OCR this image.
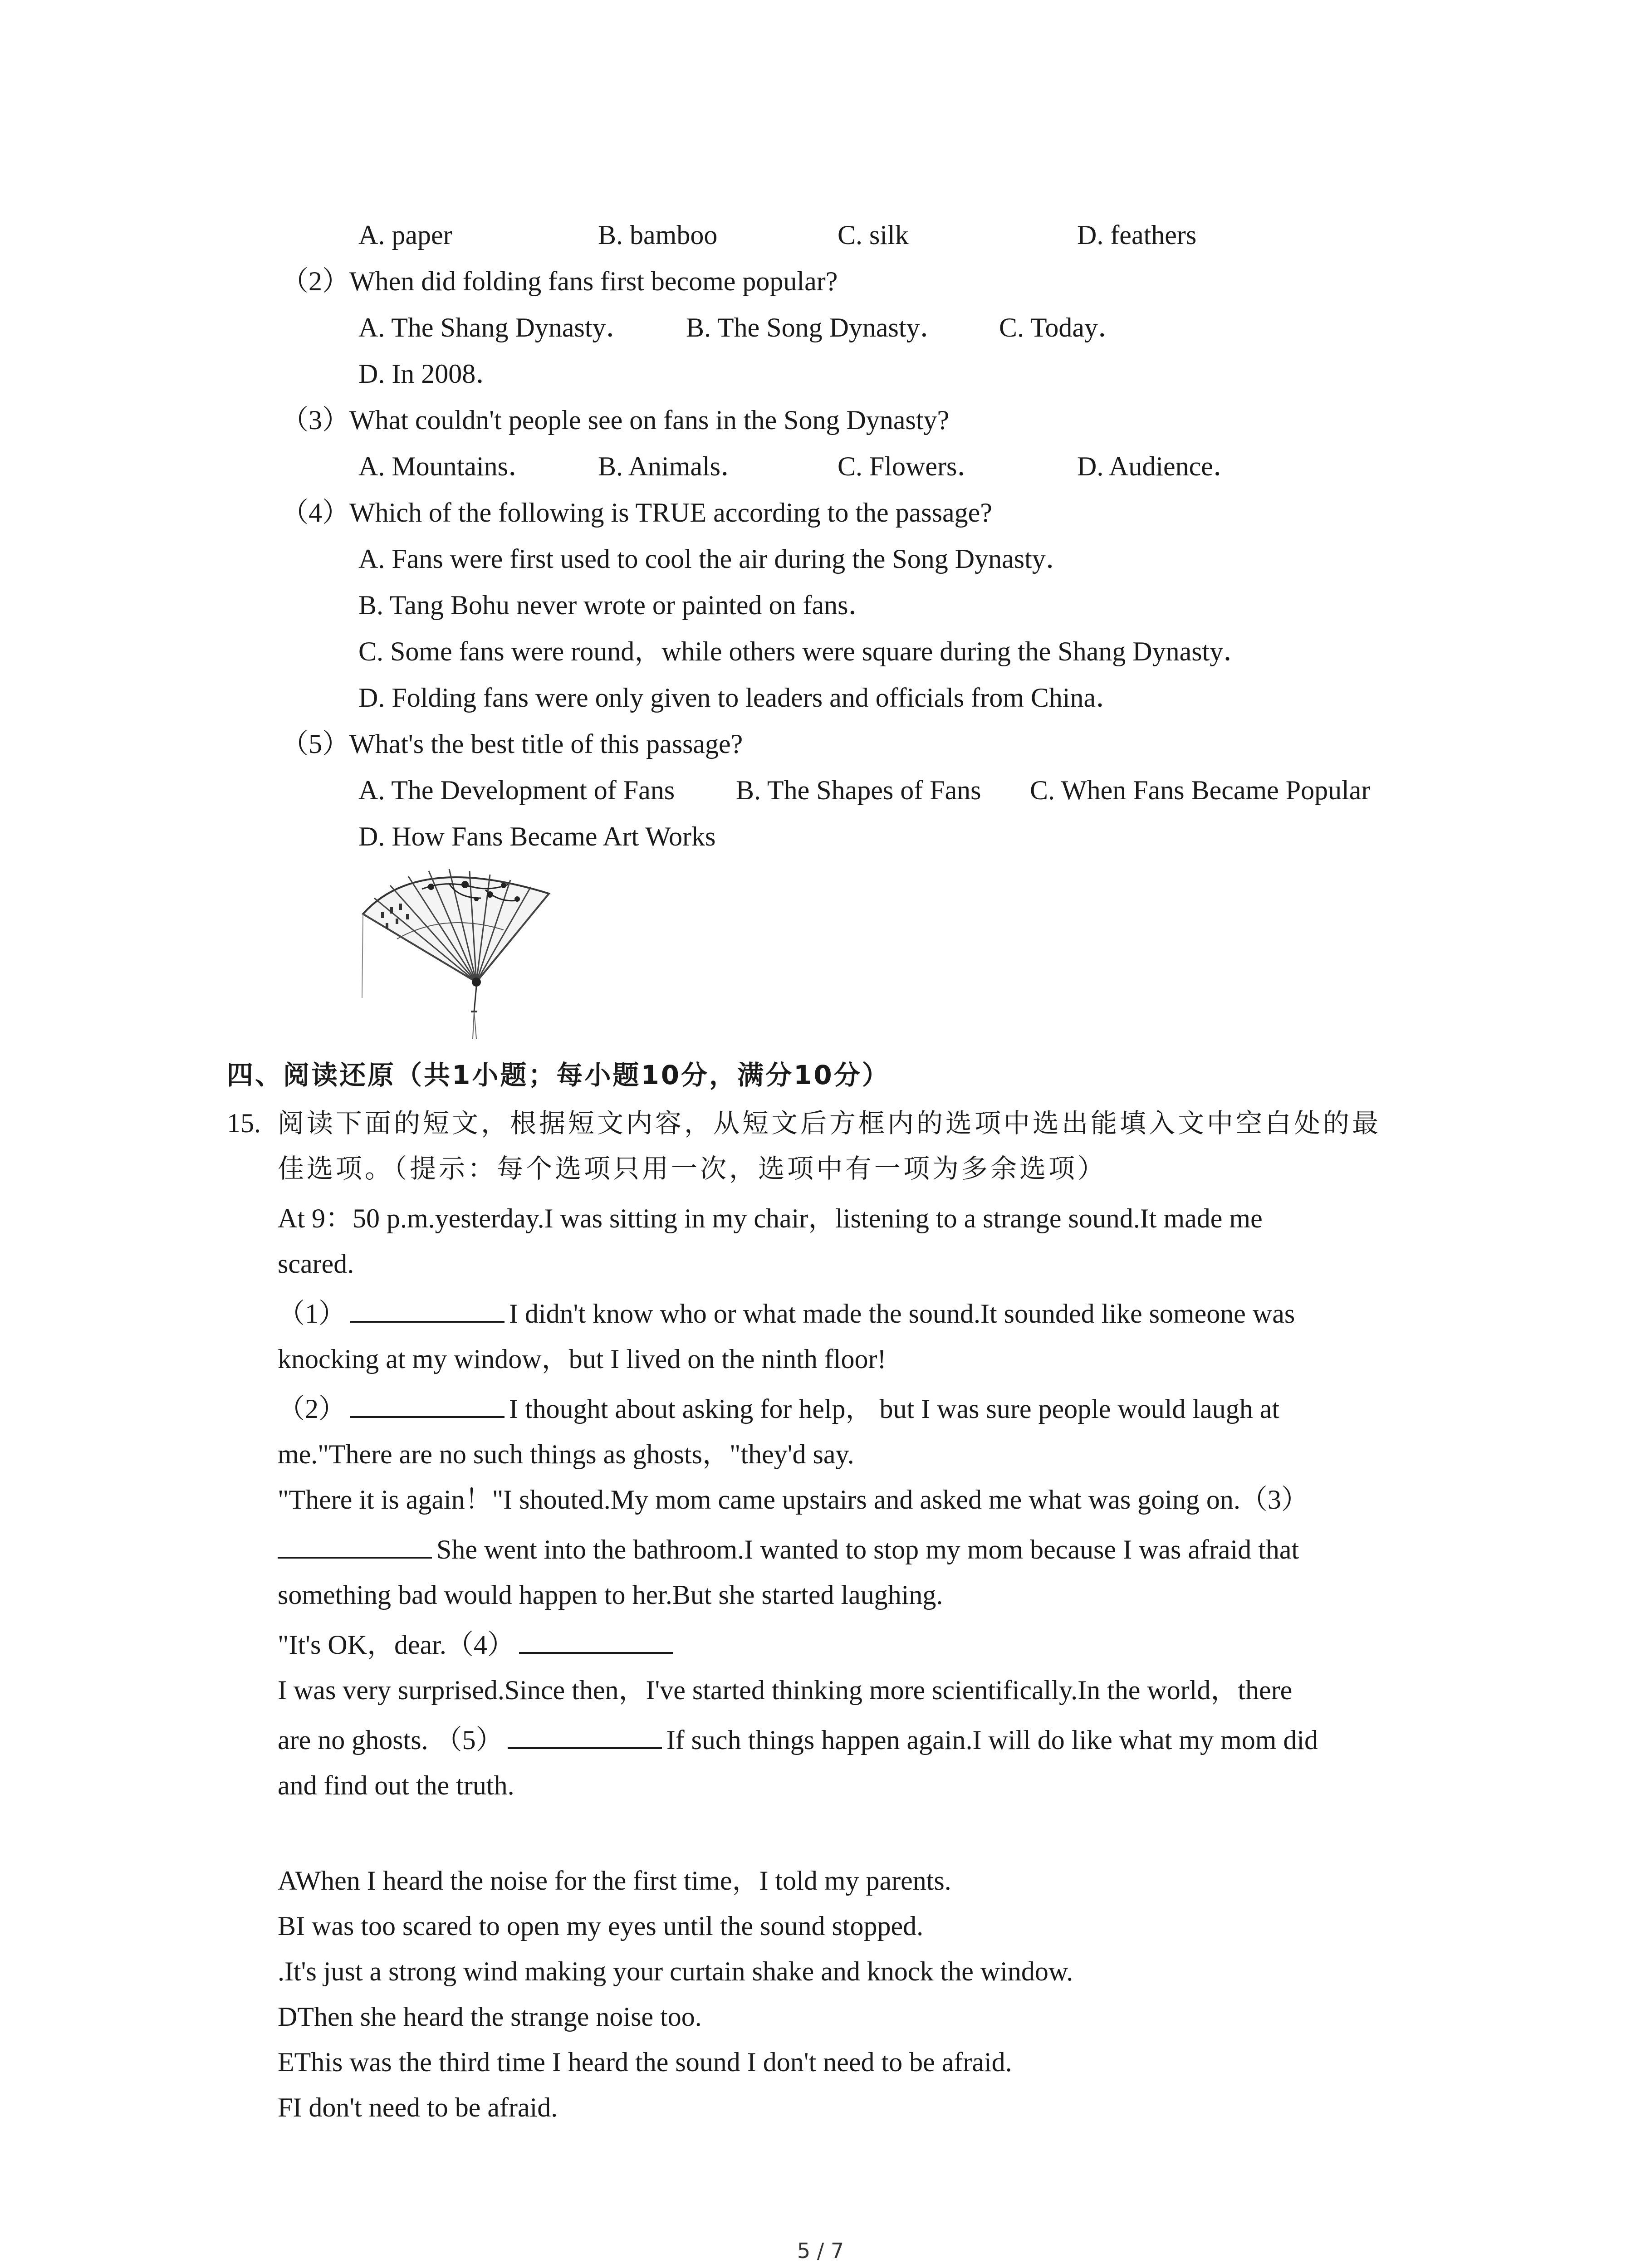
A. paper	B. bamboo	C. silk	D. feathers
（2）When did folding fans first become popular?
A. The Shang Dynasty． B. The Song Dynasty． C. Today．
D. In 2008．
（3）What couldn't people see on fans in the Song Dynasty?
A. Mountains． B. Animals．	C. Flowers．	D. Audience．
（4）Which of the following is TRUE according to the passage?
A. Fans were first used to cool the air during the Song Dynasty．
B. Tang Bohu never wrote or painted on fans．
C. Some fans were round，while others were square during the Shang Dynasty．
D. Folding fans were only given to leaders and officials from China．
（5）What's the best title of this passage?
A. The Development of Fans B. The Shapes of Fans C. When Fans Became Popular
D. How Fans Became Art Works
四、阅读还原（共1小题；每小题10分，满分10分）
15. 阅读下面的短文，根据短文内容，从短文后方框内的选项中选出能填入文中空白处的最
佳选项。（提示：每个选项只用一次，选项中有一项为多余选项）
At 9：50 p.m.yesterday.I was sitting in my chair，listening to a strange sound.It made me
scared.
（1）	I didn't know who or what made the sound.It sounded like someone was
knocking at my window，but I lived on the ninth floor!
（2）	I thought about asking for help， but I was sure people would laugh at
me."There are no such things as ghosts，"they'd say.
"There it is again！"I shouted.My mom came upstairs and asked me what was going on.（3）
She went into the bathroom.I wanted to stop my mom because I was afraid that
something bad would happen to her.But she started laughing.
"It's OK，dear.（4）
I was very surprised.Since then，I've started thinking more scientifically.In the world，there
are no ghosts. （5）	If such things happen again.I will do like what my mom did
and find out the truth.
AWhen I heard the noise for the first time，I told my parents.
BI was too scared to open my eyes until the sound stopped.
.It's just a strong wind making your curtain shake and knock the window.
DThen she heard the strange noise too.
EThis was the third time I heard the sound I don't need to be afraid.
FI don't need to be afraid.
5 / 7
